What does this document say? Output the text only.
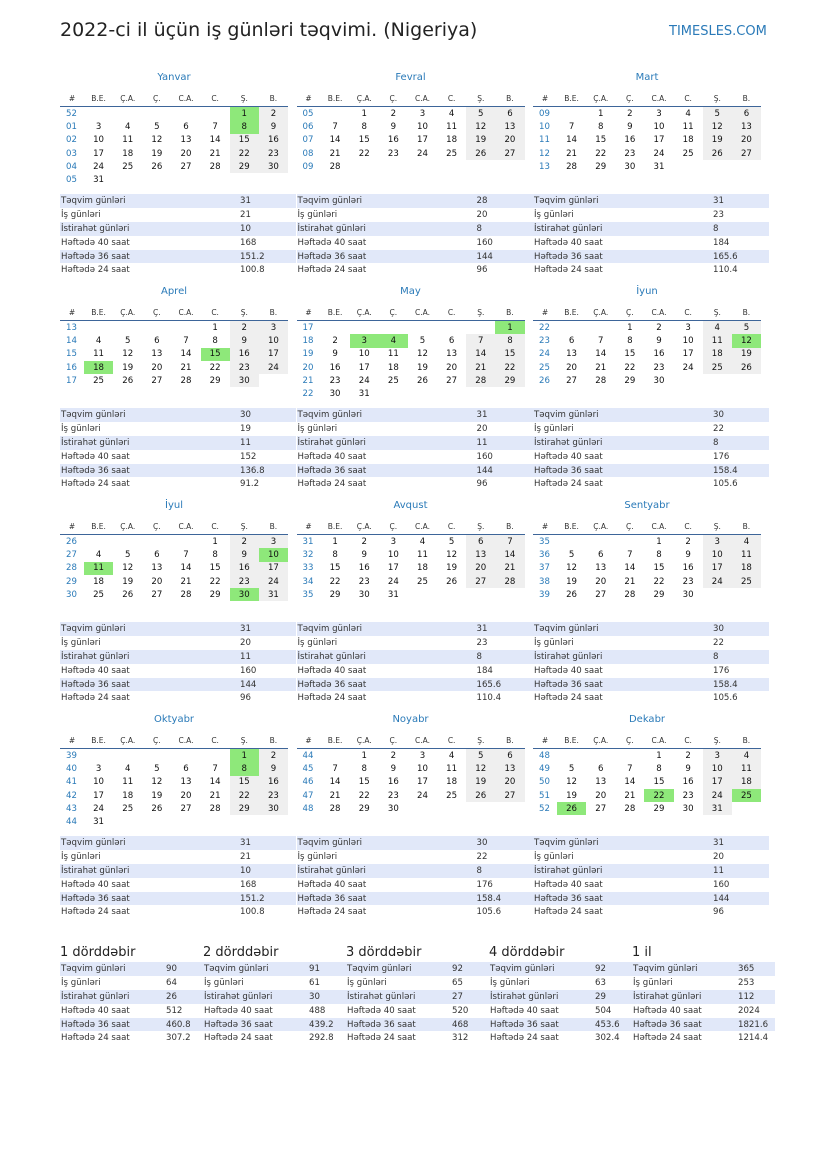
2022-ci il üçün iş günləri təqvimi. (Nigeriya)	TIMESLES.COM
Yanvar
#	B.E.	Ç.A.	Ç.	C.A.	C.	Ş.	B.
52						1	2
01	3	4	5	6	7	8	9
02	10	11	12	13	14	15	16
03	17	18	19	20	21	22	23
04	24	25	26	27	28	29	30
05	31						
Təqvim günləri	31
İş günləri	21
İstirahət günləri	10
Həftədə 40 saat	168
Həftədə 36 saat	151.2
Həftədə 24 saat	100.8
Fevral
#	B.E.	Ç.A.	Ç.	C.A.	C.	Ş.	B.
05		1	2	3	4	5	6
06	7	8	9	10	11	12	13
07	14	15	16	17	18	19	20
08	21	22	23	24	25	26	27
09	28						
Təqvim günləri	28
İş günləri	20
İstirahət günləri	8
Həftədə 40 saat	160
Həftədə 36 saat	144
Həftədə 24 saat	96
Mart
#	B.E.	Ç.A.	Ç.	C.A.	C.	Ş.	B.
09		1	2	3	4	5	6
10	7	8	9	10	11	12	13
11	14	15	16	17	18	19	20
12	21	22	23	24	25	26	27
13	28	29	30	31			
Təqvim günləri	31
İş günləri	23
İstirahət günləri	8
Həftədə 40 saat	184
Həftədə 36 saat	165.6
Həftədə 24 saat	110.4
Aprel
#	B.E.	Ç.A.	Ç.	C.A.	C.	Ş.	B.
13					1	2	3
14	4	5	6	7	8	9	10
15	11	12	13	14	15	16	17
16	18	19	20	21	22	23	24
17	25	26	27	28	29	30	
Təqvim günləri	30
İş günləri	19
İstirahət günləri	11
Həftədə 40 saat	152
Həftədə 36 saat	136.8
Həftədə 24 saat	91.2
May
#	B.E.	Ç.A.	Ç.	C.A.	C.	Ş.	B.
17							1
18	2	3	4	5	6	7	8
19	9	10	11	12	13	14	15
20	16	17	18	19	20	21	22
21	23	24	25	26	27	28	29
22	30	31					
Təqvim günləri	31
İş günləri	20
İstirahət günləri	11
Həftədə 40 saat	160
Həftədə 36 saat	144
Həftədə 24 saat	96
İyun
#	B.E.	Ç.A.	Ç.	C.A.	C.	Ş.	B.
22			1	2	3	4	5
23	6	7	8	9	10	11	12
24	13	14	15	16	17	18	19
25	20	21	22	23	24	25	26
26	27	28	29	30			
Təqvim günləri	30
İş günləri	22
İstirahət günləri	8
Həftədə 40 saat	176
Həftədə 36 saat	158.4
Həftədə 24 saat	105.6
İyul
#	B.E.	Ç.A.	Ç.	C.A.	C.	Ş.	B.
26					1	2	3
27	4	5	6	7	8	9	10
28	11	12	13	14	15	16	17
29	18	19	20	21	22	23	24
30	25	26	27	28	29	30	31
Təqvim günləri	31
İş günləri	20
İstirahət günləri	11
Həftədə 40 saat	160
Həftədə 36 saat	144
Həftədə 24 saat	96
Avqust
#	B.E.	Ç.A.	Ç.	C.A.	C.	Ş.	B.
31	1	2	3	4	5	6	7
32	8	9	10	11	12	13	14
33	15	16	17	18	19	20	21
34	22	23	24	25	26	27	28
35	29	30	31				
Təqvim günləri	31
İş günləri	23
İstirahət günləri	8
Həftədə 40 saat	184
Həftədə 36 saat	165.6
Həftədə 24 saat	110.4
Sentyabr
#	B.E.	Ç.A.	Ç.	C.A.	C.	Ş.	B.
35				1	2	3	4
36	5	6	7	8	9	10	11
37	12	13	14	15	16	17	18
38	19	20	21	22	23	24	25
39	26	27	28	29	30		
Təqvim günləri	30
İş günləri	22
İstirahət günləri	8
Həftədə 40 saat	176
Həftədə 36 saat	158.4
Həftədə 24 saat	105.6
Oktyabr
#	B.E.	Ç.A.	Ç.	C.A.	C.	Ş.	B.
39						1	2
40	3	4	5	6	7	8	9
41	10	11	12	13	14	15	16
42	17	18	19	20	21	22	23
43	24	25	26	27	28	29	30
44	31						
Təqvim günləri	31
İş günləri	21
İstirahət günləri	10
Həftədə 40 saat	168
Həftədə 36 saat	151.2
Həftədə 24 saat	100.8
Noyabr
#	B.E.	Ç.A.	Ç.	C.A.	C.	Ş.	B.
44		1	2	3	4	5	6
45	7	8	9	10	11	12	13
46	14	15	16	17	18	19	20
47	21	22	23	24	25	26	27
48	28	29	30				
Təqvim günləri	30
İş günləri	22
İstirahət günləri	8
Həftədə 40 saat	176
Həftədə 36 saat	158.4
Həftədə 24 saat	105.6
Dekabr
#	B.E.	Ç.A.	Ç.	C.A.	C.	Ş.	B.
48				1	2	3	4
49	5	6	7	8	9	10	11
50	12	13	14	15	16	17	18
51	19	20	21	22	23	24	25
52	26	27	28	29	30	31	
Təqvim günləri	31
İş günləri	20
İstirahət günləri	11
Həftədə 40 saat	160
Həftədə 36 saat	144
Həftədə 24 saat	96
1 dörddəbir
Təqvim günləri	90
İş günləri	64
İstirahət günləri	26
Həftədə 40 saat	512
Həftədə 36 saat	460.8
Həftədə 24 saat	307.2
2 dörddəbir
Təqvim günləri	91
İş günləri	61
İstirahət günləri	30
Həftədə 40 saat	488
Həftədə 36 saat	439.2
Həftədə 24 saat	292.8
3 dörddəbir
Təqvim günləri	92
İş günləri	65
İstirahət günləri	27
Həftədə 40 saat	520
Həftədə 36 saat	468
Həftədə 24 saat	312
4 dörddəbir
Təqvim günləri	92
İş günləri	63
İstirahət günləri	29
Həftədə 40 saat	504
Həftədə 36 saat	453.6
Həftədə 24 saat	302.4
1 il
Təqvim günləri	365
İş günləri	253
İstirahət günləri	112
Həftədə 40 saat	2024
Həftədə 36 saat	1821.6
Həftədə 24 saat	1214.4
